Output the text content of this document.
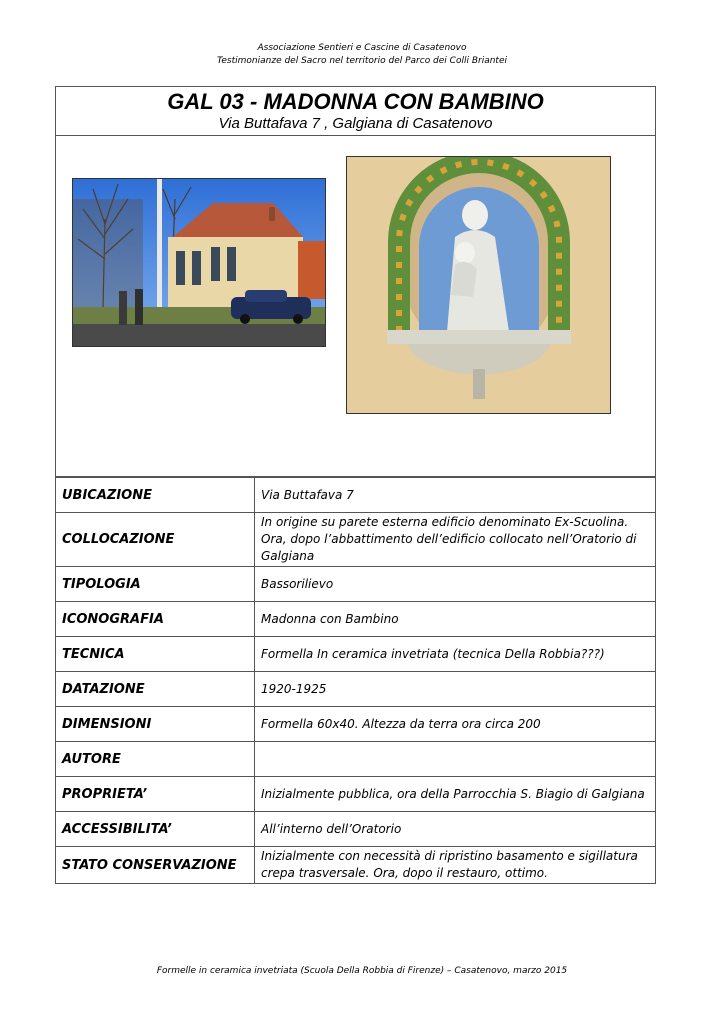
Associazione Sentieri e Cascine di Casatenovo
Testimonianze del Sacro nel territorio del Parco dei Colli Briantei
GAL 03 - MADONNA CON BAMBINO
Via Buttafava 7 , Galgiana di Casatenovo
UBICAZIONE	Via Buttafava 7
COLLOCAZIONE	In origine su parete esterna edificio denominato Ex-Scuolina. Ora, dopo l’abbattimento dell’edificio collocato nell’Oratorio di Galgiana
TIPOLOGIA	Bassorilievo
ICONOGRAFIA	Madonna con Bambino
TECNICA	Formella In ceramica invetriata (tecnica Della Robbia???)
DATAZIONE	1920-1925
DIMENSIONI	Formella 60x40. Altezza da terra ora circa 200
AUTORE	
PROPRIETA’	Inizialmente pubblica, ora della Parrocchia S. Biagio di Galgiana
ACCESSIBILITA’	All’interno dell’Oratorio
STATO CONSERVAZIONE	Inizialmente con necessità di ripristino basamento e sigillatura crepa trasversale. Ora, dopo il restauro, ottimo.
Formelle in ceramica invetriata (Scuola Della Robbia di Firenze) – Casatenovo, marzo 2015
